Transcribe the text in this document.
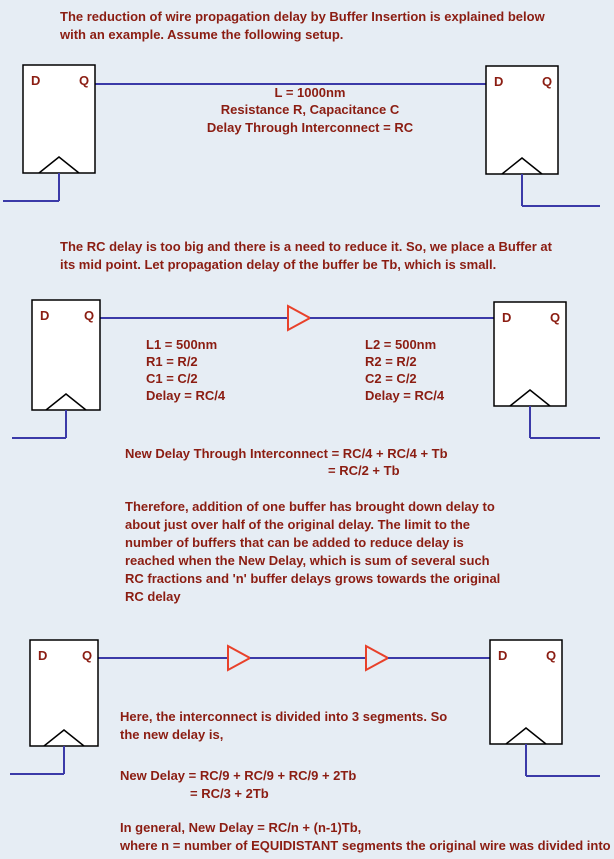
D	Q	D	Q
D	Q	D	Q
D	Q	D	Q

The reduction of wire propagation delay by Buffer Insertion is explained below

with an example. Assume the following setup.

L = 1000nm

Resistance R, Capacitance C

Delay Through Interconnect = RC

The RC delay is too big and there is a need to reduce it. So, we place a Buffer at

its mid point. Let propagation delay of the buffer be Tb, which is small.

L1 = 500nm

R1 = R/2

C1 = C/2

Delay = RC/4

L2 = 500nm

R2 = R/2

C2 = C/2

Delay = RC/4

New Delay Through Interconnect = RC/4 + RC/4 + Tb

= RC/2 + Tb

Therefore, addition of one buffer has brought down delay to

about just over half of the original delay. The limit to the

number of buffers that can be added to reduce delay is

reached when the New Delay, which is sum of several such

RC fractions and 'n' buffer delays grows towards the original

RC delay

Here, the interconnect is divided into 3 segments. So

the new delay is,

New Delay = RC/9 + RC/9 + RC/9 + 2Tb

= RC/3 + 2Tb

In general, New Delay = RC/n + (n-1)Tb,

where n = number of EQUIDISTANT segments the original wire was divided into
